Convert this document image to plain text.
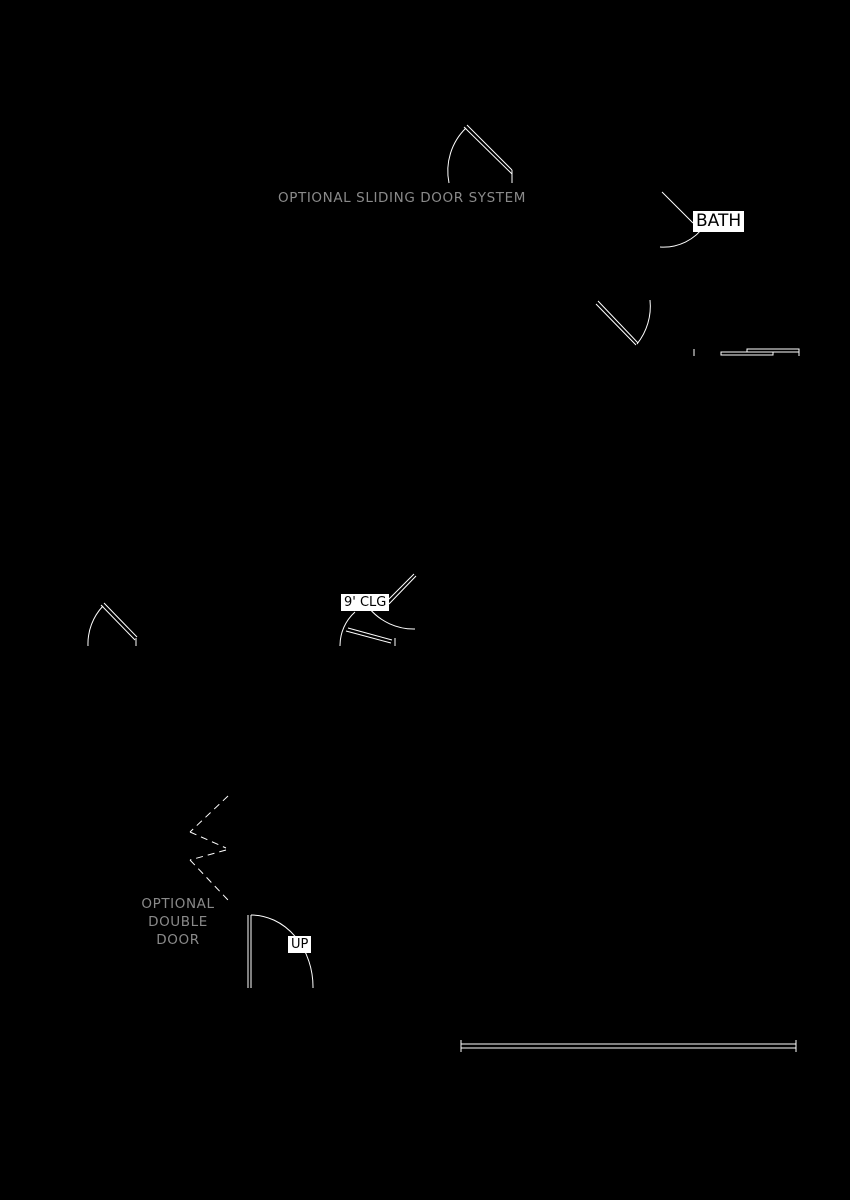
OPTIONAL SLIDING DOOR SYSTEM
BATH
9' CLG
OPTIONAL
DOUBLE
DOOR	UP
